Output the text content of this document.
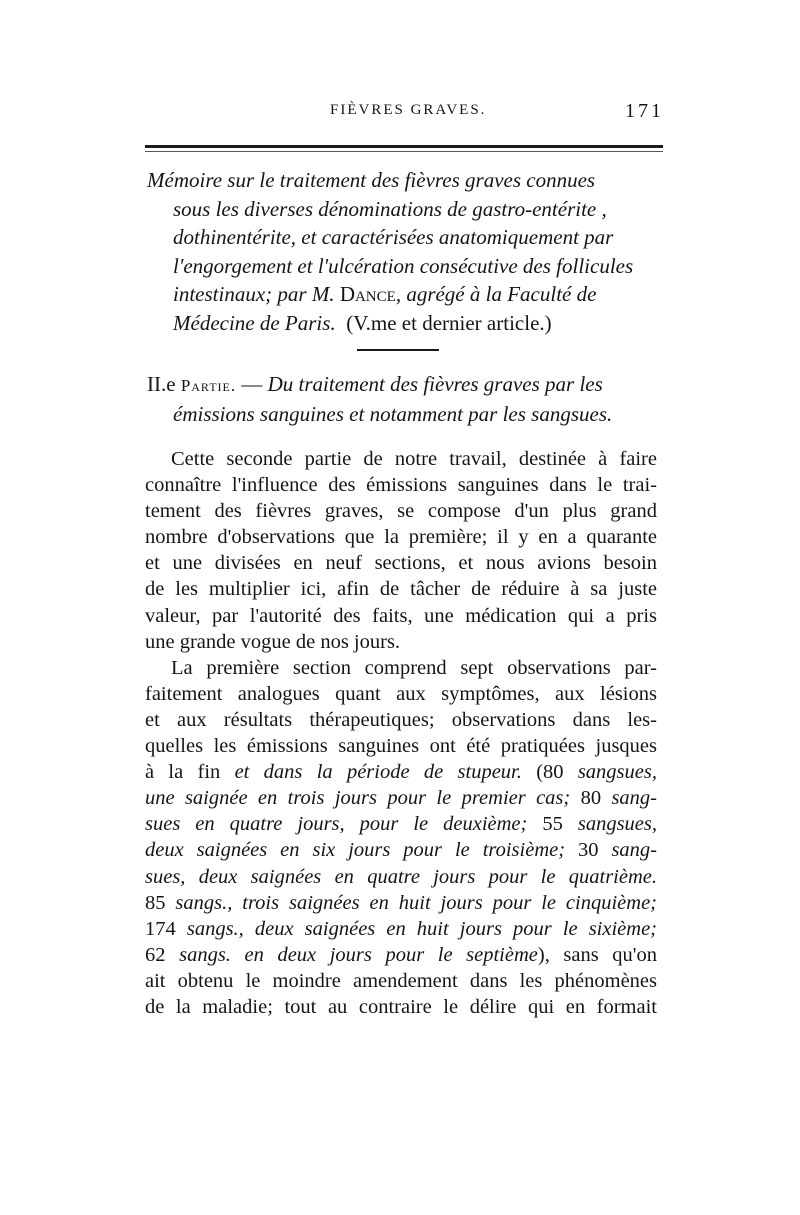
FIÈVRES GRAVES.	171
Mémoire sur le traitement des fièvres graves connues
sous les diverses dénominations de gastro-entérite ,
dothinentérite, et caractérisées anatomiquement par
l'engorgement et l'ulcération consécutive des follicules
intestinaux; par M. Dance, agrégé à la Faculté de
Médecine de Paris. (V.me et dernier article.)
II.e Partie. — Du traitement des fièvres graves par les
émissions sanguines et notamment par les sangsues.
Cette seconde partie de notre travail, destinée à faire
connaître l'influence des émissions sanguines dans le trai-
tement des fièvres graves, se compose d'un plus grand
nombre d'observations que la première; il y en a quarante
et une divisées en neuf sections, et nous avions besoin
de les multiplier ici, afin de tâcher de réduire à sa juste
valeur, par l'autorité des faits, une médication qui a pris
une grande vogue de nos jours.
La première section comprend sept observations par-
faitement analogues quant aux symptômes, aux lésions
et aux résultats thérapeutiques; observations dans les-
quelles les émissions sanguines ont été pratiquées jusques
à la fin et dans la période de stupeur. (80 sangsues,
une saignée en trois jours pour le premier cas; 80 sang-
sues en quatre jours, pour le deuxième; 55 sangsues,
deux saignées en six jours pour le troisième; 30 sang-
sues, deux saignées en quatre jours pour le quatrième.
85 sangs., trois saignées en huit jours pour le cinquième;
174 sangs., deux saignées en huit jours pour le sixième;
62 sangs. en deux jours pour le septième), sans qu'on
ait obtenu le moindre amendement dans les phénomènes
de la maladie; tout au contraire le délire qui en formait
